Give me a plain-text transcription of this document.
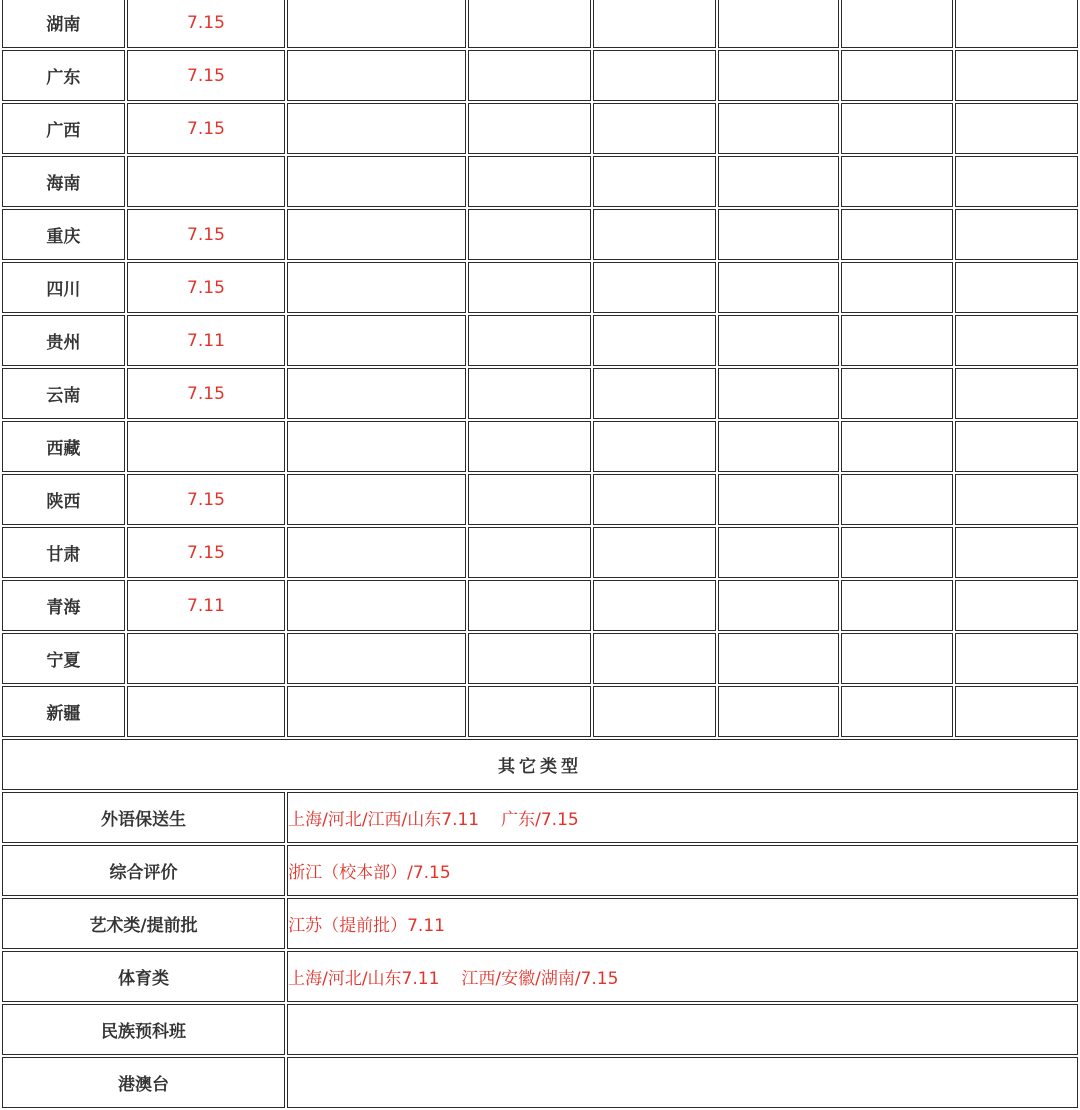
湖南	7.15						
广东	7.15						
广西	7.15						
海南							
重庆	7.15						
四川	7.15						
贵州	7.11						
云南	7.15						
西藏							
陕西	7.15						
甘肃	7.15						
青海	7.11						
宁夏							
新疆							
其它类型							
外语保送生		上海/河北/江西/山东7.11 广东/7.15					
综合评价		浙江（校本部）/7.15					
艺术类/提前批		江苏（提前批）7.11					
体育类		上海/河北/山东7.11 江西/安徽/湖南/7.15					
民族预科班							
港澳台							
